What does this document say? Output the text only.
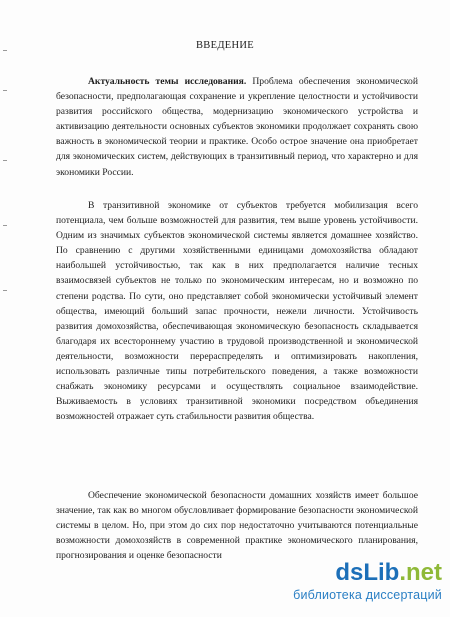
ВВЕДЕНИЕ
Актуальность темы исследования. Проблема обеспечения экономической безопасности, предполагающая сохранение и укрепление целостности и устойчивости развития российского общества, модернизацию экономического устройства и активизацию деятельности основных субъектов экономики продолжает сохранять свою важность в экономической теории и практике. Особо острое значение она приобретает для экономических систем, действующих в транзитивный период, что характерно и для экономики России.
В транзитивной экономике от субъектов требуется мобилизация всего потенциала, чем больше возможностей для развития, тем выше уровень устойчивости. Одним из значимых субъектов экономической системы является домашнее хозяйство. По сравнению с другими хозяйственными единицами домохозяйства обладают наибольшей устойчивостью, так как в них предполагается наличие тесных взаимосвязей субъектов не только по экономическим интересам, но и возможно по степени родства. По сути, оно представляет собой экономически устойчивый элемент общества, имеющий больший запас прочности, нежели личности. Устойчивость развития домохозяйства, обеспечивающая экономическую безопасность складывается благодаря их всестороннему участию в трудовой производственной и экономической деятельности, возможности перераспределять и оптимизировать накопления, использовать различные типы потребительского поведения, а также возможности снабжать экономику ресурсами и осуществлять социальное взаимодействие. Выживаемость в условиях транзитивной экономики посредством объединения возможностей отражает суть стабильности развития общества.
Обеспечение экономической безопасности домашних хозяйств имеет большое значение, так как во многом обусловливает формирование безопасности экономической системы в целом. Но, при этом до сих пор недостаточно учитываются потенциальные возможности домохозяйств в современной практике экономического планирования, прогнозирования и оценке безопасности
dsLib.net
библиотека диссертаций
